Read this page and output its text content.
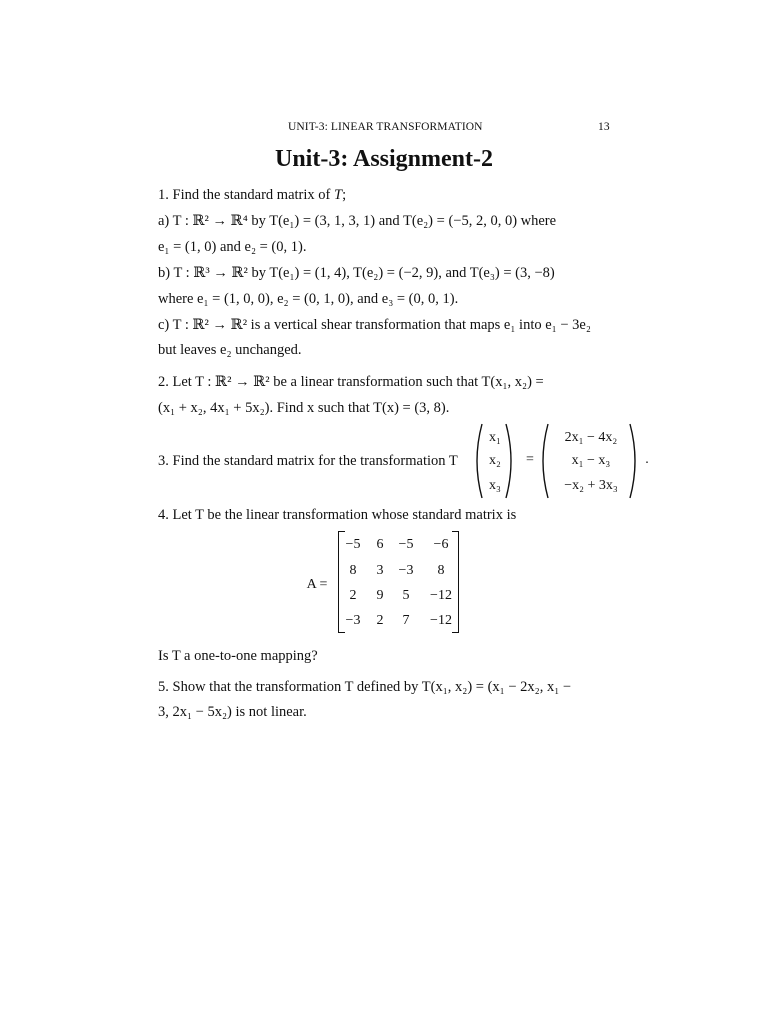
UNIT-3: LINEAR TRANSFORMATION	13
Unit-3: Assignment-2
1. Find the standard matrix of T;
a) T : ℝ² → ℝ⁴ by T(e₁) = (3, 1, 3, 1) and T(e₂) = (−5, 2, 0, 0) where
e₁ = (1, 0) and e₂ = (0, 1).
b) T : ℝ³ → ℝ² by T(e₁) = (1, 4), T(e₂) = (−2, 9), and T(e₃) = (3, −8)
where e₁ = (1, 0, 0), e₂ = (0, 1, 0), and e₃ = (0, 0, 1).
c) T : ℝ² → ℝ² is a vertical shear transformation that maps e₁ into e₁ − 3e₂
but leaves e₂ unchanged.
2. Let T : ℝ² → ℝ² be a linear transformation such that T(x₁, x₂) =
(x₁ + x₂, 4x₁ + 5x₂). Find x such that T(x) = (3, 8).
3. Find the standard matrix for the transformation T
x₁
x₂
x₃
=
2x₁ − 4x₂
x₁ − x₃
−x₂ + 3x₃
.
4. Let T be the linear transformation whose standard matrix is
A =
−5	6	−5	−6
8	3	−3	8
2	9	5	−12
−3	2	7	−12
Is T a one-to-one mapping?
5. Show that the transformation T defined by T(x₁, x₂) = (x₁ − 2x₂, x₁ −
3, 2x₁ − 5x₂) is not linear.
